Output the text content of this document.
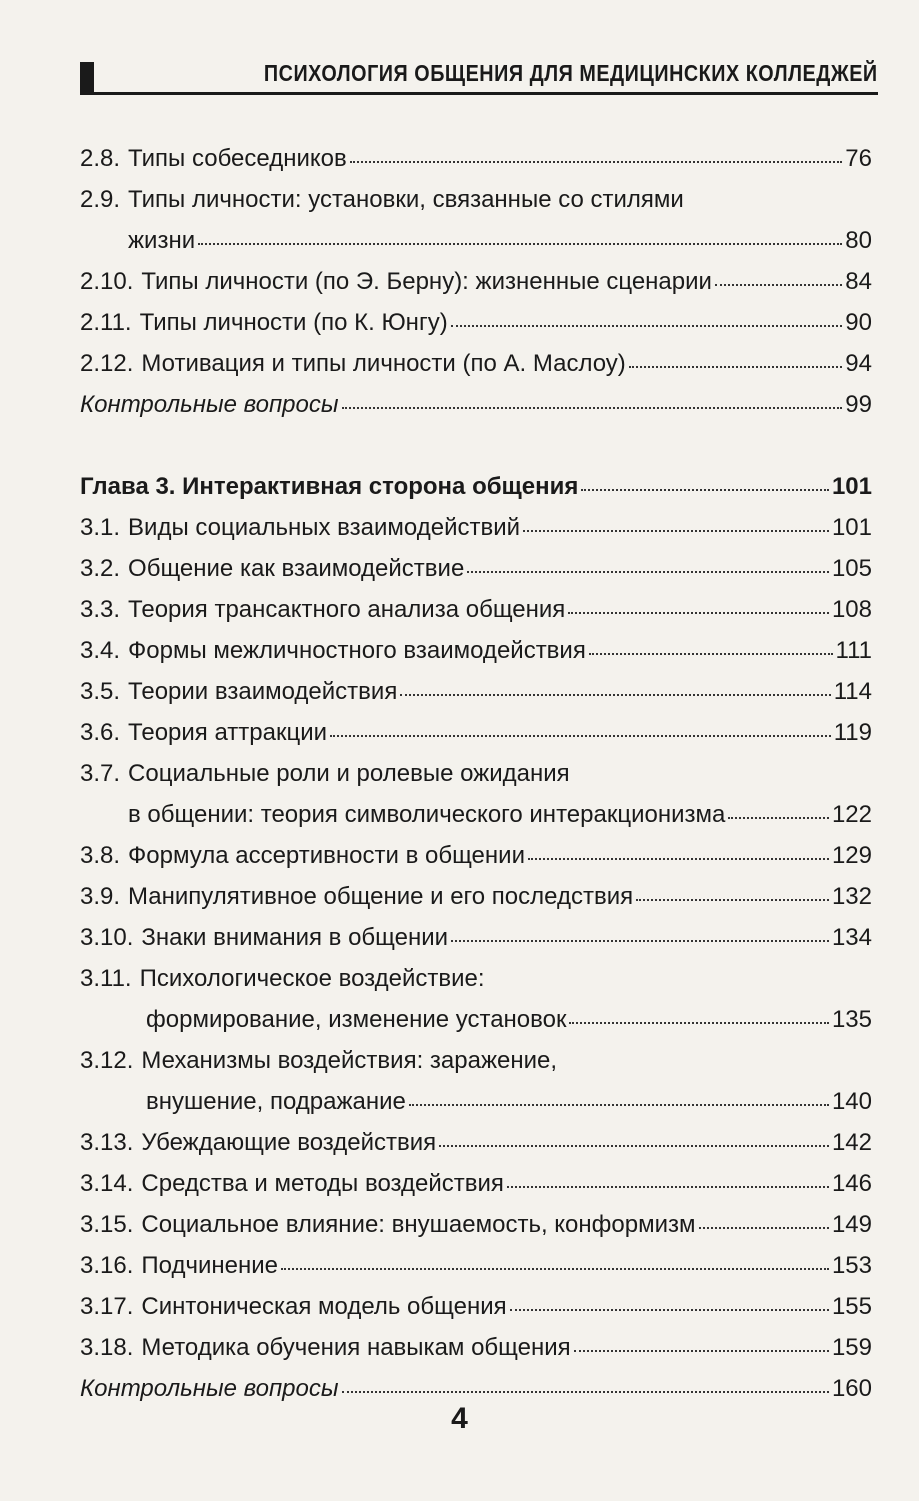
ПСИХОЛОГИЯ ОБЩЕНИЯ ДЛЯ МЕДИЦИНСКИХ КОЛЛЕДЖЕЙ
2.8. Типы собеседников	76
2.9. Типы личности: установки, связанные со стилями
жизни	80
2.10. Типы личности (по Э. Берну): жизненные сценарии	84
2.11. Типы личности (по К. Юнгу)	90
2.12. Мотивация и типы личности (по А. Маслоу)	94
Контрольные вопросы	99
Глава 3. Интерактивная сторона общения	101
3.1. Виды социальных взаимодействий	101
3.2. Общение как взаимодействие	105
3.3. Теория трансактного анализа общения	108
3.4. Формы межличностного взаимодействия	111
3.5. Теории взаимодействия	114
3.6. Теория аттракции	119
3.7. Социальные роли и ролевые ожидания
в общении: теория символического интеракционизма	122
3.8. Формула ассертивности в общении	129
3.9. Манипулятивное общение и его последствия	132
3.10. Знаки внимания в общении	134
3.11. Психологическое воздействие:
формирование, изменение установок	135
3.12. Механизмы воздействия: заражение,
внушение, подражание	140
3.13. Убеждающие воздействия	142
3.14. Средства и методы воздействия	146
3.15. Социальное влияние: внушаемость, конформизм	149
3.16. Подчинение	153
3.17. Синтоническая модель общения	155
3.18. Методика обучения навыкам общения	159
Контрольные вопросы	160
4
